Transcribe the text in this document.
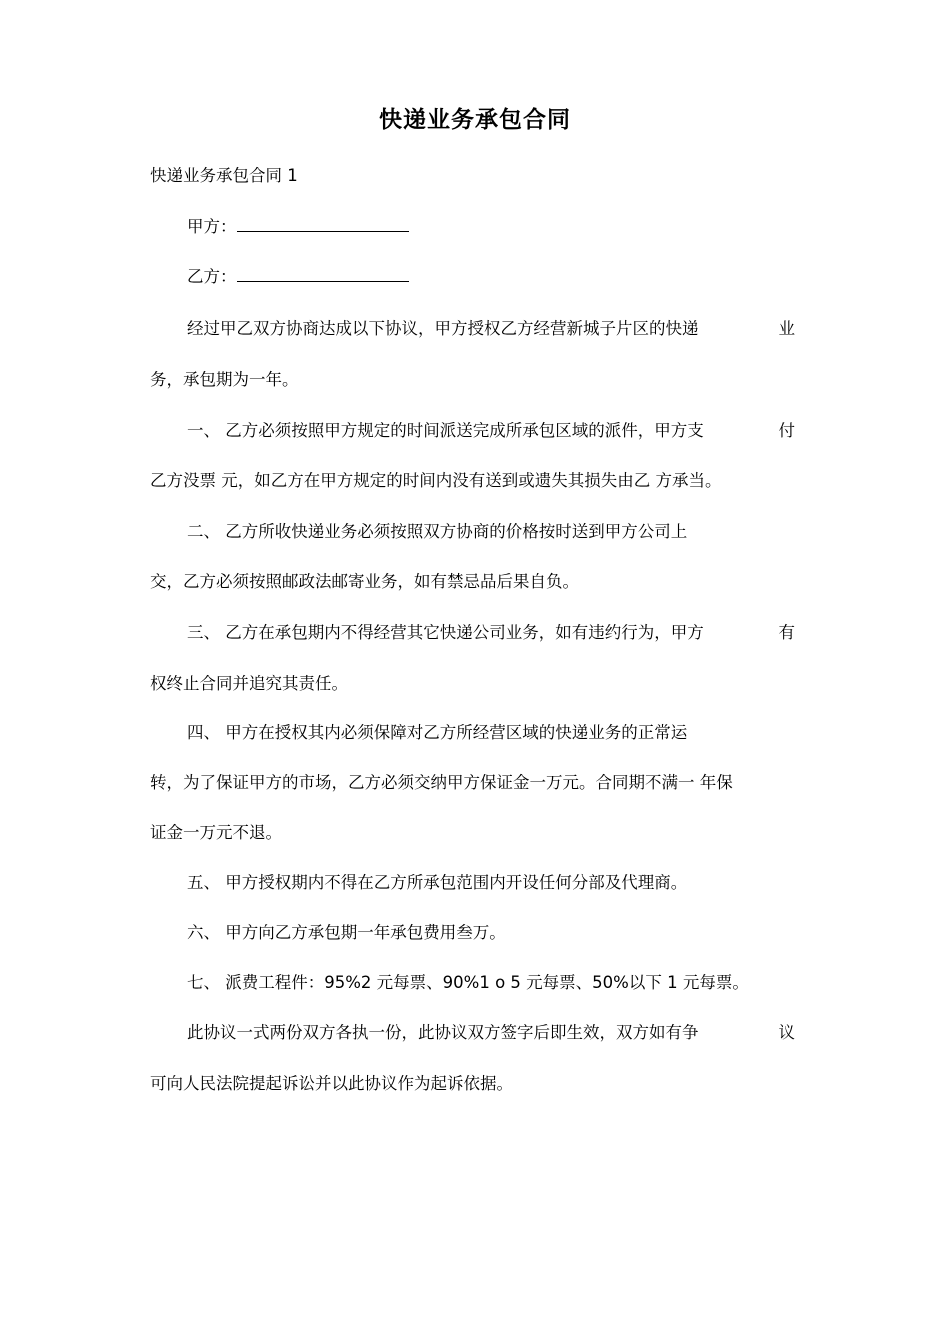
快递业务承包合同
快递业务承包合同 1
甲方：
乙方：
经过甲乙双方协商达成以下协议，甲方授权乙方经营新城子片区的快递	业
务，承包期为一年。
一、 乙方必须按照甲方规定的时间派送完成所承包区域的派件，甲方支	付
乙方没票 元，如乙方在甲方规定的时间内没有送到或遗失其损失由乙 方承当。
二、 乙方所收快递业务必须按照双方协商的价格按时送到甲方公司上
交，乙方必须按照邮政法邮寄业务，如有禁忌品后果自负。
三、 乙方在承包期内不得经营其它快递公司业务，如有违约行为，甲方	有
权终止合同并追究其责任。
四、 甲方在授权其内必须保障对乙方所经营区域的快递业务的正常运
转，为了保证甲方的市场，乙方必须交纳甲方保证金一万元。合同期不满一 年保
证金一万元不退。
五、 甲方授权期内不得在乙方所承包范围内开设任何分部及代理商。
六、 甲方向乙方承包期一年承包费用叁万。
七、 派费工程件：95%2 元每票、90%1 o 5 元每票、50%以下 1 元每票。
此协议一式两份双方各执一份，此协议双方签字后即生效，双方如有争	议
可向人民法院提起诉讼并以此协议作为起诉依据。
